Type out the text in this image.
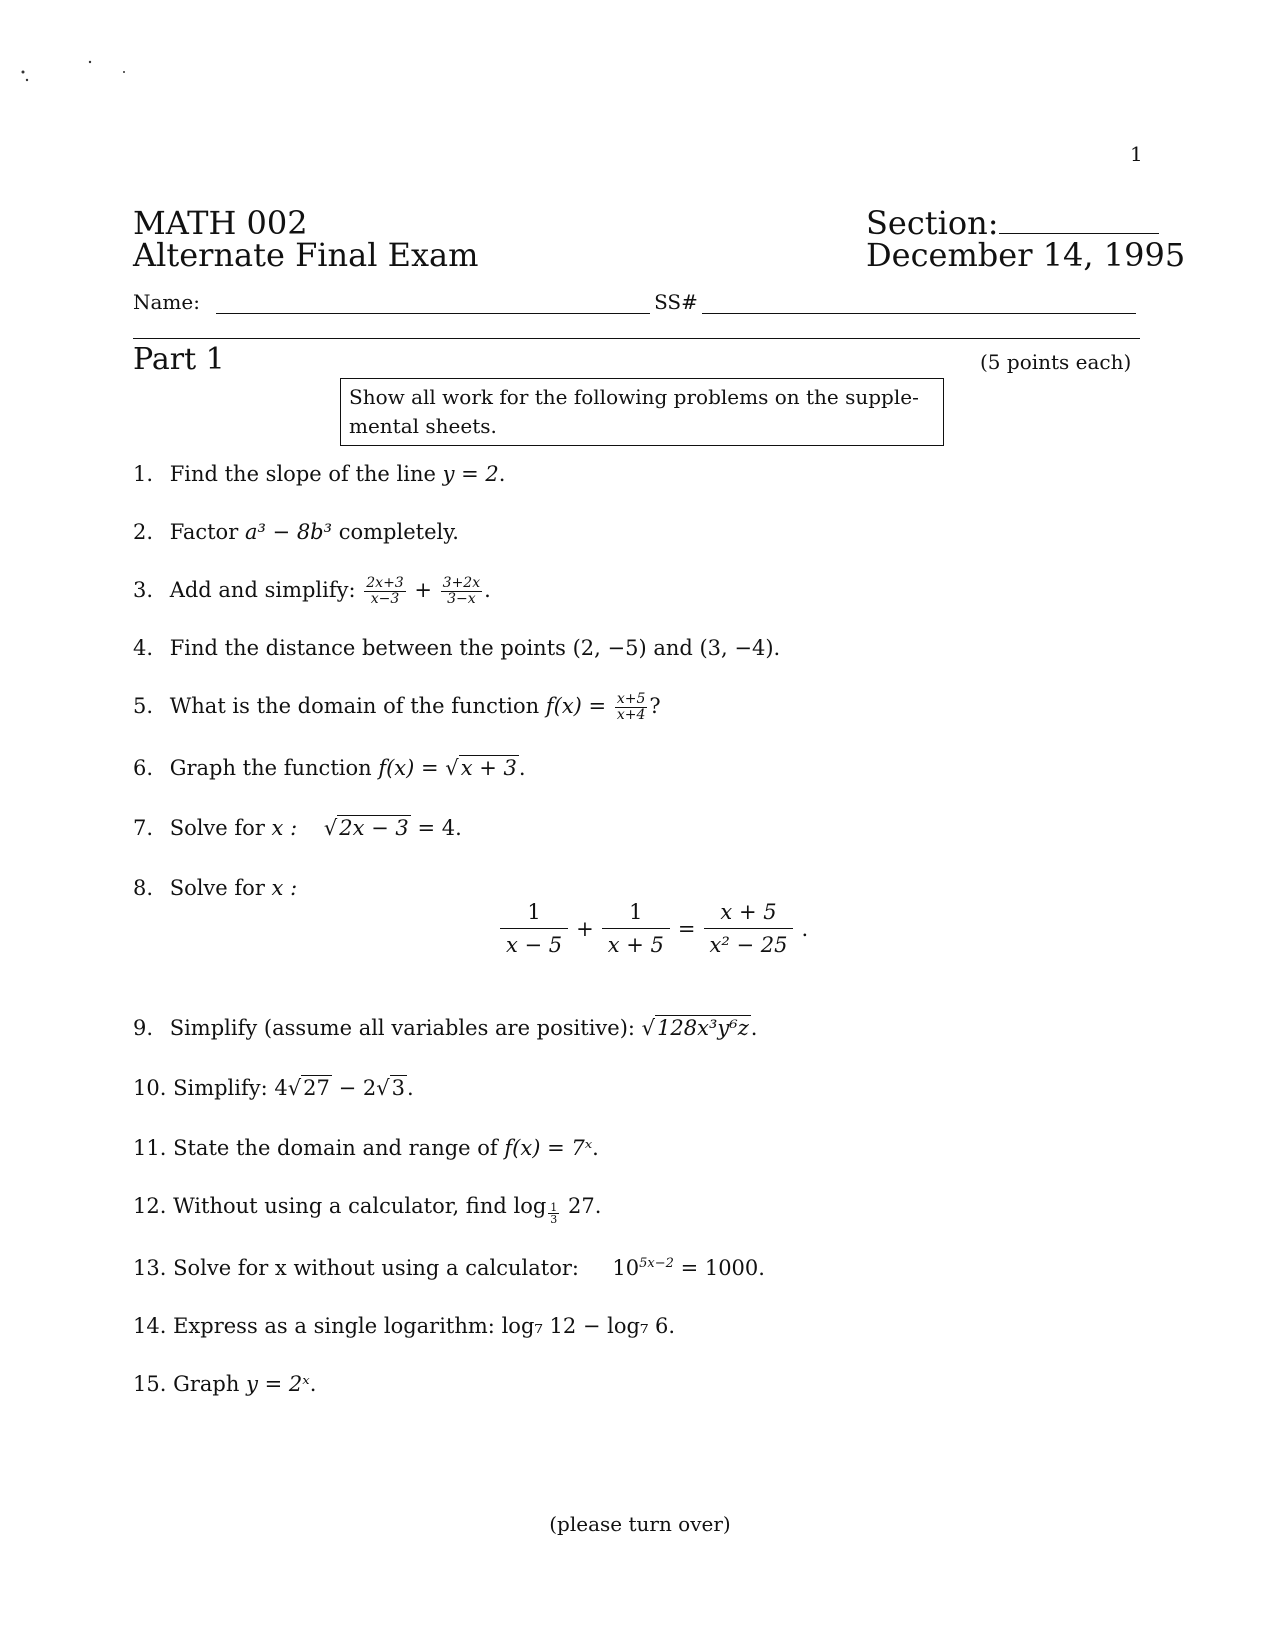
1
MATH 002
Alternate Final Exam
Section:
December 14, 1995
Name:	SS#
Part 1	(5 points each)
Show all work for the following problems on the supple-mental sheets.
1. Find the slope of the line y = 2.
2. Factor a³ − 8b³ completely.
3. Add and simplify: $\frac{2x+3}{x-3} + \frac{3+2x}{3-x}$ .
4. Find the distance between the points (2, −5) and (3, −4).
5. What is the domain of the function $f(x) = \frac{x+5}{x+4}$ ?
6. Graph the function f(x) = √x + 3.
7. Solve for x : √2x − 3 = 4.
8. Solve for x :
9. Simplify (assume all variables are positive): √128x³y⁶z.
10. Simplify: 4√27 − 2√3.
11. State the domain and range of f(x) = 7ˣ.
12. Without using a calculator, find $\log \frac{1}{3} 27$.
13. Solve for x without using a calculator: $10^{5x-2} = 1000$.
14. Express as a single logarithm: log₇ 12 − log₇ 6.
15. Graph y = 2ˣ.
$\frac{1}{x - 5} + \frac{1}{x + 5} = \frac{x + 5}{\text{x² − 25}}$ .
(please turn over)
